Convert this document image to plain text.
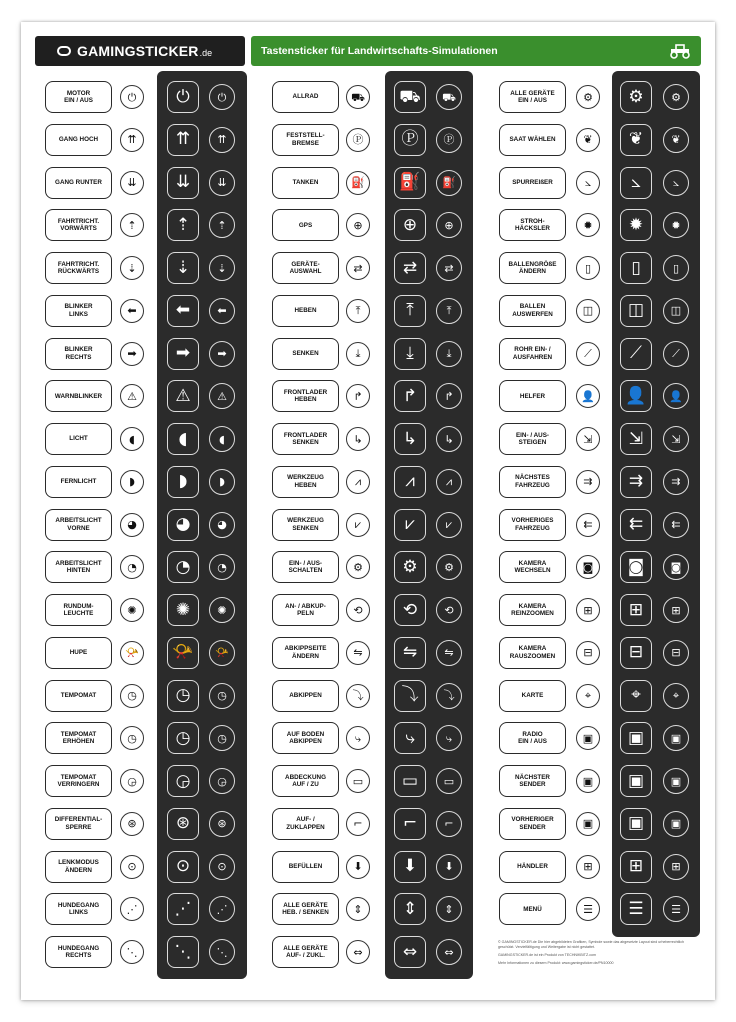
GAMINGSTICKER .de	Tastensticker für Landwirtschafts-Simulationen
MOTOR
EIN / AUS	⏻ ⏻	⏻
GANG HOCH	⇈ ⇈ ⇈
GANG RUNTER	⇊ ⇊ ⇊
FAHRTRICHT.
VORWÄRTS	⇡ ⇡ ⇡
FAHRTRICHT.
RÜCKWÄRTS	⇣ ⇣ ⇣
BLINKER
LINKS	⬅ ⬅ ⬅
BLINKER
RECHTS	➡ ➡ ➡
WARNBLINKER	⚠ ⚠ ⚠
LICHT	◖	◖	◖
FERNLICHT	◗	◗	◗
ARBEITSLICHT
VORNE	◕ ◕ ◕
ARBEITSLICHT
HINTEN	◔ ◔ ◔
RUNDUM-
LEUCHTE	✺ ✺ ✺
HUPE	📯 📯 📯
TEMPOMAT	◷ ◷ ◷
TEMPOMAT
ERHÖHEN	◷ ◷ ◷
TEMPOMAT
VERRINGERN	◶ ◶ ◶
DIFFERENTIAL-
SPERRE	⊛ ⊛ ⊛
LENKMODUS
ÄNDERN	⊙ ⊙ ⊙
HUNDEGANG
LINKS	⋰ ⋰ ⋰
HUNDEGANG
RECHTS	⋱ ⋱ ⋱
ALLRAD	⛟ ⛟ ⛟
FESTSTELL-
BREMSE	Ⓟ Ⓟ Ⓟ
TANKEN	⛽ ⛽ ⛽
GPS	⊕ ⊕ ⊕
GERÄTE-
AUSWAHL	⇄ ⇄ ⇄
HEBEN	⤒	⤒	⤒
SENKEN	⤓	⤓	⤓
FRONTLADER
HEBEN	↱ ↱ ↱
FRONTLADER
SENKEN	↳ ↳ ↳
WERKZEUG
HEBEN	⩘	⩘	⩘
WERKZEUG
SENKEN	⩗	⩗	⩗
EIN- / AUS-
SCHALTEN	⚙ ⚙ ⚙
AN- / ABKUP-
PELN	⟲ ⟲ ⟲
ABKIPPSEITE
ÄNDERN	⇋ ⇋ ⇋
ABKIPPEN	⤵ ⤵ ⤵
AUF BODEN
ABKIPPEN	⤷	⤷	⤷
ABDECKUNG
AUF / ZU	▭ ▭ ▭
AUF- /
ZUKLAPPEN	⌐ ⌐ ⌐
BEFÜLLEN	⬇ ⬇ ⬇
ALLE GERÄTE
HEB. / SENKEN	⇕ ⇕ ⇕
ALLE GERÄTE
AUF- / ZUKL.	⇔ ⇔ ⇔
ALLE GERÄTE
EIN / AUS	⚙ ⚙ ⚙
SAAT WÄHLEN	❦ ❦	❦
SPURREIßER	⦣ ⦣	⦣
STROH-
HÄCKSLER	✹ ✹	✹
BALLENGRÖßE
ÄNDERN	▯ ▯	▯
BALLEN
AUSWERFEN	◫ ◫ ◫
ROHR EIN- /
AUSFAHREN	⟋ ⟋	⟋
HELFER	👤 👤 👤
EIN- / AUS-
STEIGEN	⇲ ⇲	⇲
NÄCHSTES
FAHRZEUG	⇉ ⇉	⇉
VORHERIGES
FAHRZEUG	⇇ ⇇	⇇
KAMERA
WECHSELN	◙ ◙ ◙
KAMERA
REINZOOMEN	⊞ ⊞	⊞
KAMERA
RAUSZOOMEN	⊟ ⊟	⊟
KARTE	⌖ ⌖	⌖
RADIO
EIN / AUS	▣ ▣ ▣
NÄCHSTER
SENDER	▣ ▣ ▣
VORHERIGER
SENDER	▣ ▣ ▣
HÄNDLER	⊞ ⊞	⊞
MENÜ	☰ ☰ ☰
© GAMINGSTICKER.de Die hier abgebildeten Grafiken, Symbole sowie das abgesetzte Layout sind urheberrechtlich geschützt. Vervielfältigung und Weitergabe ist nicht gestattet.
GAMINGSTICKER.de ist ein Produkt von TECHNIKBITZ.com
Mehr Informationen zu diesem Produkt: www.gamingsticker.de/PN10000
